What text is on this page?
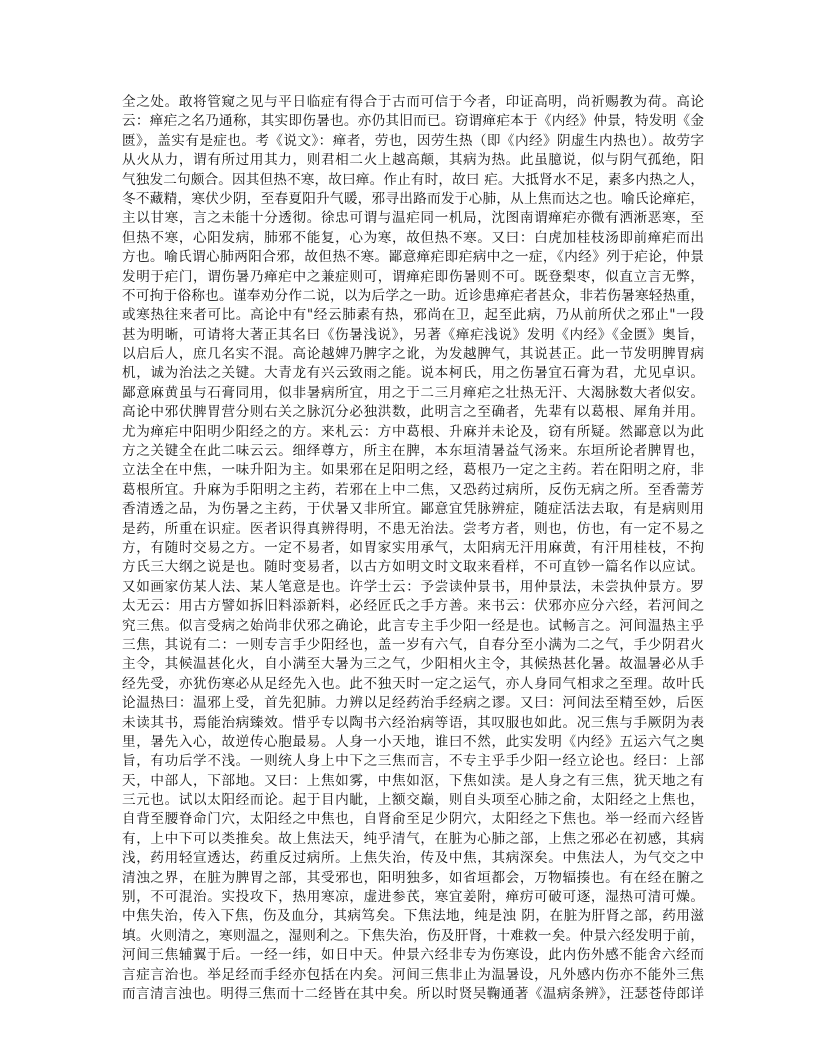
全之处。敢将管窥之见与平日临症有得合于古而可信于今者，印证高明，尚祈赐教为荷。高论
云：瘅疟之名乃通称，其实即伤暑也。亦仍其旧而已。窃谓瘅疟本于《内经》仲景，特发明《金
匮》，盖实有是症也。考《说文》：瘅者，劳也，因劳生热（即《内经》阴虚生内热也）。故劳字
从火从力，谓有所过用其力，则君相二火上越高颠，其病为热。此虽臆说，似与阴气孤绝，阳
气独发二句颇合。因其但热不寒，故曰瘅。作止有时，故曰 疟。大抵肾水不足，素多内热之人，
冬不藏精，寒伏少阴，至春夏阳升气暖，邪寻出路而发于心肺，从上焦而达之也。喻氏论瘅疟，
主以甘寒，言之未能十分透彻。徐忠可谓与温疟同一机局，沈图南谓瘅疟亦微有洒淅恶寒，至
但热不寒，心阳发病，肺邪不能复，心为寒，故但热不寒。又曰：白虎加桂枝汤即前瘅疟而出
方也。喻氏谓心肺两阳合邪，故但热不寒。鄙意瘅疟即疟病中之一症，《内经》列于疟论，仲景
发明于疟门，谓伤暑乃瘅疟中之兼症则可，谓瘅疟即伤暑则不可。既登梨枣，似直立言无弊，
不可拘于俗称也。谨奉劝分作二说，以为后学之一助。近诊患瘅疟者甚众，非若伤暑寒轻热重，
或寒热往来者可比。高论中有"经云肺素有热，邪尚在卫，起至此病，乃从前所伏之邪止"一段
甚为明晰，可请将大著正其名曰《伤暑浅说》，另著《瘅疟浅说》发明《内经》《金匮》奥旨，
以启后人，庶几名实不混。高论越婢乃脾字之讹，为发越脾气，其说甚正。此一节发明脾胃病
机，诚为治法之关键。大青龙有兴云致雨之能。说本柯氏，用之伤暑宜石膏为君，尤见卓识。
鄙意麻黄虽与石膏同用，似非暑病所宜，用之于二三月瘅疟之壮热无汗、大渴脉数大者似安。
高论中邪伏脾胃营分则右关之脉沉分必独洪数，此明言之至确者，先辈有以葛根、犀角并用。
尤为瘅疟中阳明少阳经之的方。来札云：方中葛根、升麻并未论及，窃有所疑。然鄙意以为此
方之关键全在此二味云云。细绎尊方，所主在脾，本东垣清暑益气汤来。东垣所论者脾胃也，
立法全在中焦，一味升阳为主。如果邪在足阳明之经，葛根乃一定之主药。若在阳明之府，非
葛根所宜。升麻为手阳明之主药，若邪在上中二焦，又恐药过病所，反伤无病之所。至香薷芳
香清透之品，为伤暑之主药，于伏暑又非所宜。鄙意宜凭脉辨症，随症活法去取，有是病则用
是药，所重在识症。医者识得真辨得明，不患无治法。尝考方者，则也，仿也，有一定不易之
方，有随时交易之方。一定不易者，如胃家实用承气，太阳病无汗用麻黄，有汗用桂枝，不拘
方氏三大纲之说是也。随时变易者，以古方如明文时文取来看样，不可直钞一篇名作以应试。
又如画家仿某人法、某人笔意是也。许学士云：予尝读仲景书，用仲景法，未尝执仲景方。罗
太无云：用古方譬如拆旧料添新料，必经匠氏之手方善。来书云：伏邪亦应分六经，若河间之
究三焦。似言受病之始尚非伏邪之确论，此言专主手少阳一经是也。试畅言之。河间温热主乎
三焦，其说有二：一则专言手少阳经也，盖一岁有六气，自春分至小满为二之气，手少阴君火
主令，其候温甚化火，自小满至大暑为三之气，少阳相火主令，其候热甚化暑。故温暑必从手
经先受，亦犹伤寒必从足经先入也。此不独天时一定之运气，亦人身同气相求之至理。故叶氏
论温热曰：温邪上受，首先犯肺。力辨以足经药治手经病之谬。又曰：河间法至精至妙，后医
未读其书，焉能治病臻效。惜乎专以陶书六经治病等语，其叹服也如此。况三焦与手厥阴为表
里，暑先入心，故逆传心胞最易。人身一小天地，谁曰不然，此实发明《内经》五运六气之奥
旨，有功后学不浅。一则统人身上中下之三焦而言，不专主乎手少阳一经立论也。经曰：上部
天，中部人，下部地。又曰：上焦如雾，中焦如沤，下焦如渎。是人身之有三焦，犹天地之有
三元也。试以太阳经而论。起于目内眦，上额交巅，则自头项至心肺之俞，太阳经之上焦也，
自背至腰脊命门穴，太阳经之中焦也，自肾俞至足少阴穴，太阳经之下焦也。举一经而六经皆
有，上中下可以类推矣。故上焦法天，纯乎清气，在脏为心肺之部，上焦之邪必在初感，其病
浅，药用轻宣透达，药重反过病所。上焦失治，传及中焦，其病深矣。中焦法人，为气交之中
清浊之界，在脏为脾胃之部，其受邪也，阳明独多，如省垣都会，万物辐揍也。有在经在腑之
别，不可混治。实投攻下，热用寒凉，虚进参芪，寒宜姜附，瘅疠可破可逐，湿热可清可燥。
中焦失治，传入下焦，伤及血分，其病笃矣。下焦法地，纯是浊 阴，在脏为肝肾之部，药用滋
填。火则清之，寒则温之，湿则利之。下焦失治，伤及肝肾，十难救一矣。仲景六经发明于前，
河间三焦辅翼于后。一经一纬，如日中天。仲景六经非专为伤寒设，此内伤外感不能舍六经而
言症言治也。举足经而手经亦包括在内矣。河间三焦非止为温暑设，凡外感内伤亦不能外三焦
而言清言浊也。明得三焦而十二经皆在其中矣。所以时贤吴鞠通著《温病条辨》，汪瑟苍侍郎详
